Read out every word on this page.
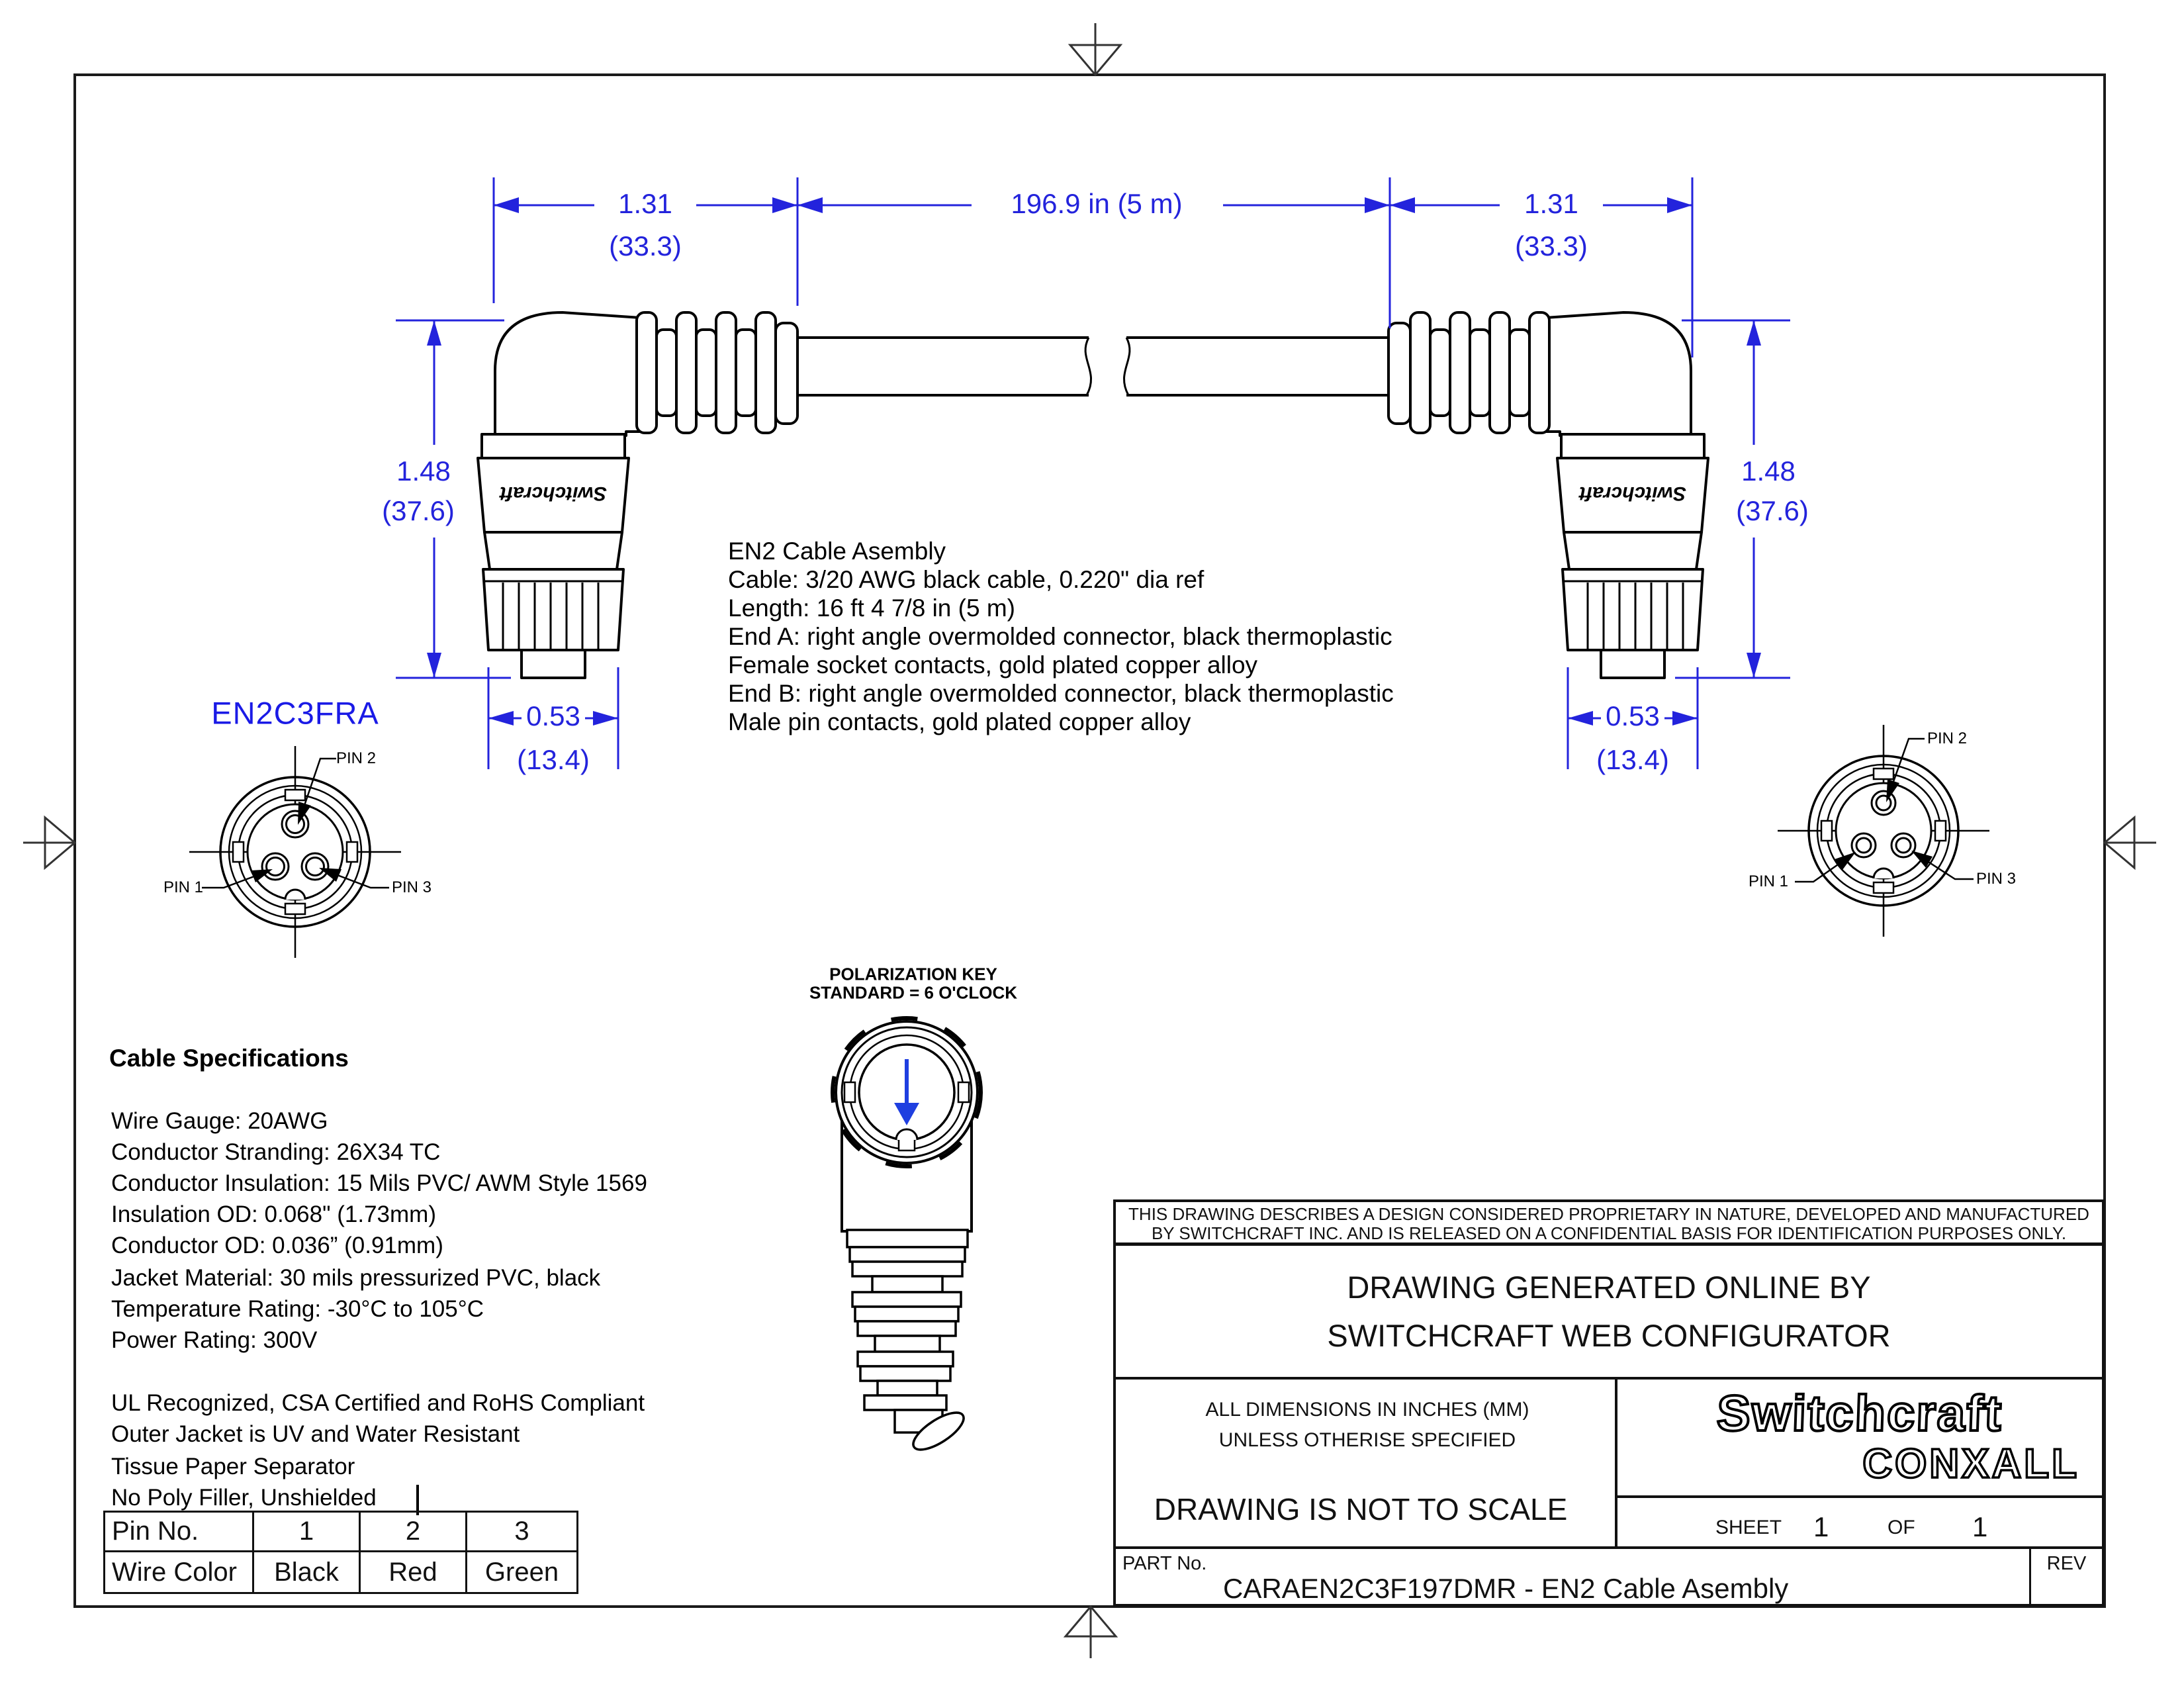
Switchcraft	Switchcraft
1.31
(33.3)
196.9 in (5 m)	1.31
(33.3)
1.48
(37.6)
1.48
(37.6)
0.53
(13.4)
0.53
(13.4)
EN2C3FRA
PIN 2
PIN 1	PIN 3
PIN 2
PIN 1	PIN 3
POLARIZATION KEY
STANDARD = 6 O'CLOCK
EN2 Cable Asembly
Cable: 3/20 AWG black cable, 0.220" dia ref
Length: 16 ft 4 7/8 in (5 m)
End A: right angle overmolded connector, black thermoplastic
Female socket contacts, gold plated copper alloy
End B: right angle overmolded connector, black thermoplastic
Male pin contacts, gold plated copper alloy
Cable Specifications
Wire Gauge: 20AWG
Conductor Stranding: 26X34 TC
Conductor Insulation: 15 Mils PVC/ AWM Style 1569
Insulation OD: 0.068" (1.73mm)
Conductor OD: 0.036” (0.91mm)
Jacket Material: 30 mils pressurized PVC, black
Temperature Rating: -30°C to 105°C
Power Rating: 300V
UL Recognized, CSA Certified and RoHS Compliant
Outer Jacket is UV and Water Resistant
Tissue Paper Separator
No Poly Filler, Unshielded
Pin No.	1	2	3
Wire Color	Black	Red	Green
THIS DRAWING DESCRIBES A DESIGN CONSIDERED PROPRIETARY IN NATURE, DEVELOPED AND MANUFACTURED
BY SWITCHCRAFT INC. AND IS RELEASED ON A CONFIDENTIAL BASIS FOR IDENTIFICATION PURPOSES ONLY.
DRAWING GENERATED ONLINE BY
SWITCHCRAFT WEB CONFIGURATOR
ALL DIMENSIONS IN INCHES (MM)
UNLESS OTHERISE SPECIFIED
DRAWING IS NOT TO SCALE
Switchcraft
CONXALL
SHEET 1	OF 1
PART No.
CARAEN2C3F197DMR - EN2 Cable Asembly
REV
